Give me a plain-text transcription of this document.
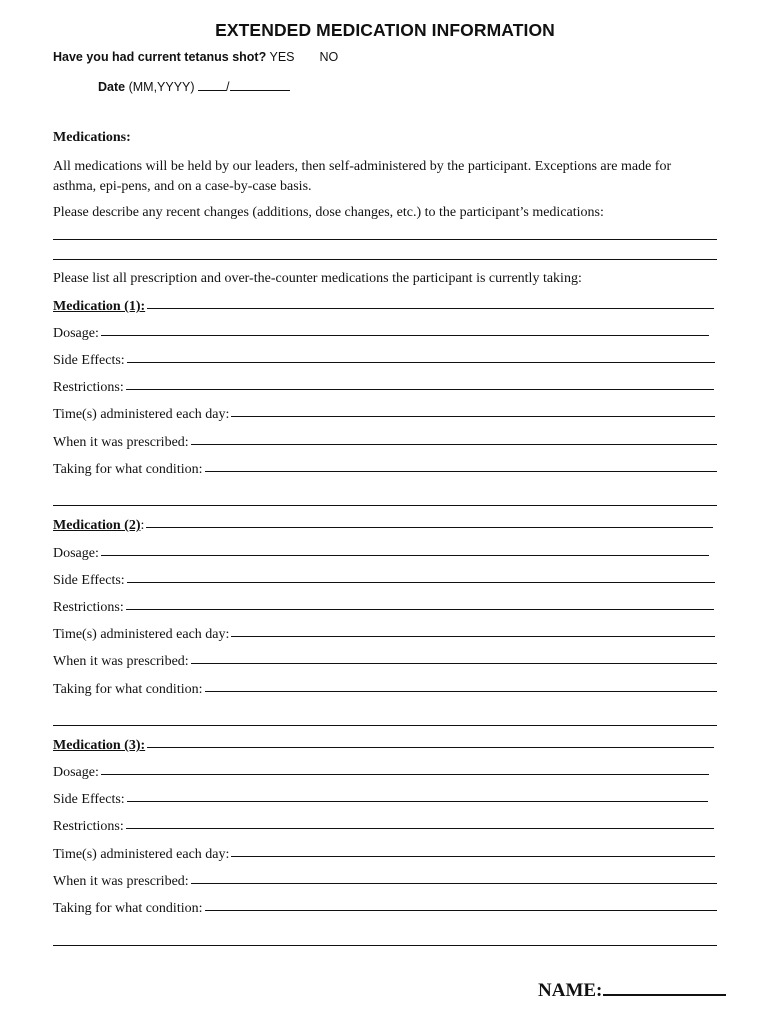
EXTENDED MEDICATION INFORMATION
Have you had current tetanus shot? YES NO
Date (MM,YYYY)	/
Medications:
All medications will be held by our leaders, then self-administered by the participant. Exceptions are made for asthma, epi-pens, and on a case-by-case basis.
Please describe any recent changes (additions, dose changes, etc.) to the participant’s medications:
Please list all prescription and over-the-counter medications the participant is currently taking:
Medication (1):
Dosage:
Side Effects:
Restrictions:
Time(s) administered each day:
When it was prescribed:
Taking for what condition:
Medication (2) :
Dosage:
Side Effects:
Restrictions:
Time(s) administered each day:
When it was prescribed:
Taking for what condition:
Medication (3):
Dosage:
Side Effects:
Restrictions:
Time(s) administered each day:
When it was prescribed:
Taking for what condition:
NAME:
